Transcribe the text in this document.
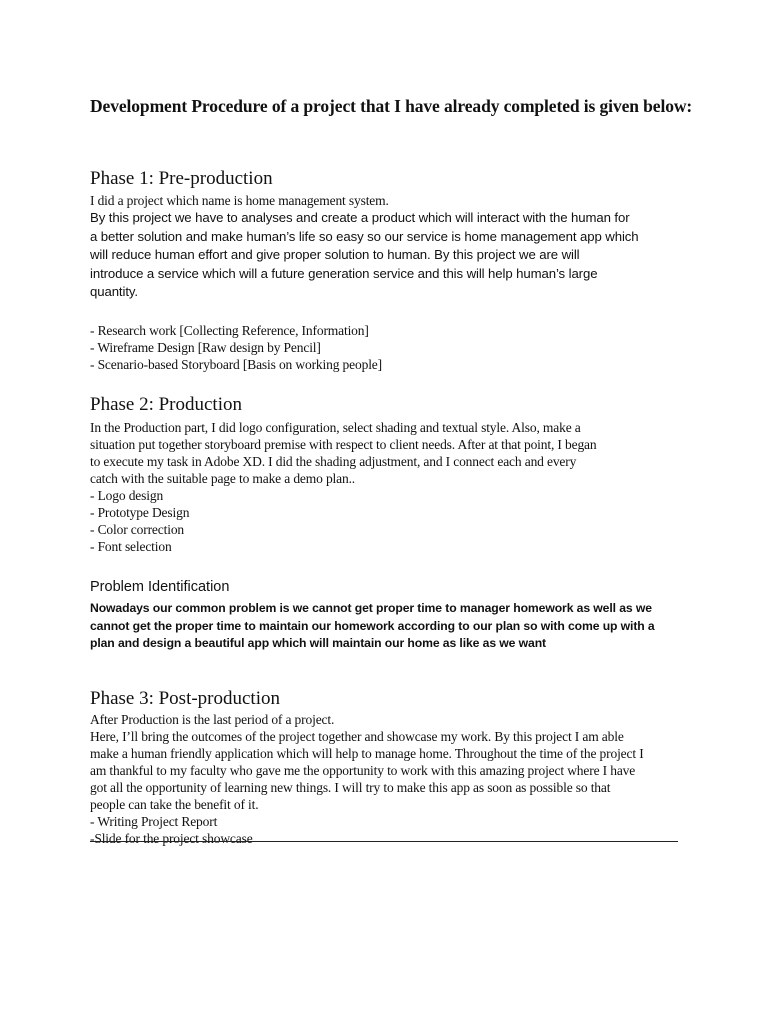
Development Procedure of a project that I have already completed is given below:
Phase 1: Pre-production
I did a project which name is home management system.
By this project we have to analyses and create a product which will interact with the human for
a better solution and make human’s life so easy so our service is home management app which
will reduce human effort and give proper solution to human. By this project we are will
introduce a service which will a future generation service and this will help human’s large
quantity.
- Research work [Collecting Reference, Information]
- Wireframe Design [Raw design by Pencil]
- Scenario-based Storyboard [Basis on working people]
Phase 2: Production
In the Production part, I did logo configuration, select shading and textual style. Also, make a
situation put together storyboard premise with respect to client needs. After at that point, I began
to execute my task in Adobe XD. I did the shading adjustment, and I connect each and every
catch with the suitable page to make a demo plan..
- Logo design
- Prototype Design
- Color correction
- Font selection
Problem Identification
Nowadays our common problem is we cannot get proper time to manager homework as well as we
cannot get the proper time to maintain our homework according to our plan so with come up with a
plan and design a beautiful app which will maintain our home as like as we want
Phase 3: Post-production
After Production is the last period of a project.
Here, I’ll bring the outcomes of the project together and showcase my work. By this project I am able
make a human friendly application which will help to manage home. Throughout the time of the project I
am thankful to my faculty who gave me the opportunity to work with this amazing project where I have
got all the opportunity of learning new things. I will try to make this app as soon as possible so that
people can take the benefit of it.
- Writing Project Report
-Slide for the project showcase
